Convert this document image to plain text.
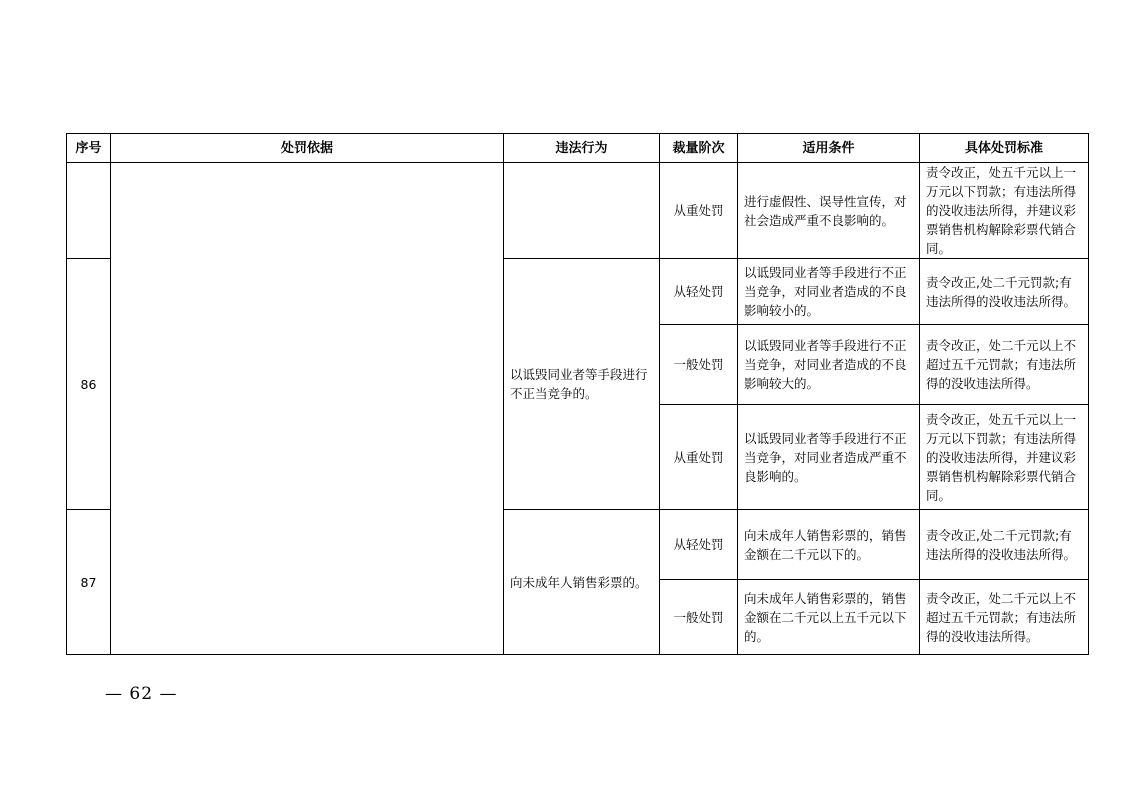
序号	处罚依据	违法行为	裁量阶次	适用条件	具体处罚标准
			从重处罚	进行虚假性、误导性宣传，对社会造成严重不良影响的。	责令改正，处五千元以上一万元以下罚款；有违法所得的没收违法所得，并建议彩票销售机构解除彩票代销合同。
86		以诋毁同业者等手段进行不正当竞争的。	从轻处罚	以诋毁同业者等手段进行不正当竞争，对同业者造成的不良影响较小的。	责令改正,处二千元罚款;有违法所得的没收违法所得。
			一般处罚	以诋毁同业者等手段进行不正当竞争，对同业者造成的不良影响较大的。	责令改正，处二千元以上不超过五千元罚款；有违法所得的没收违法所得。
			从重处罚	以诋毁同业者等手段进行不正当竞争，对同业者造成严重不良影响的。	责令改正，处五千元以上一万元以下罚款；有违法所得的没收违法所得，并建议彩票销售机构解除彩票代销合同。
87		向未成年人销售彩票的。	从轻处罚	向未成年人销售彩票的，销售金额在二千元以下的。	责令改正,处二千元罚款;有违法所得的没收违法所得。
			一般处罚	向未成年人销售彩票的，销售金额在二千元以上五千元以下的。	责令改正，处二千元以上不超过五千元罚款；有违法所得的没收违法所得。
— 62 —
